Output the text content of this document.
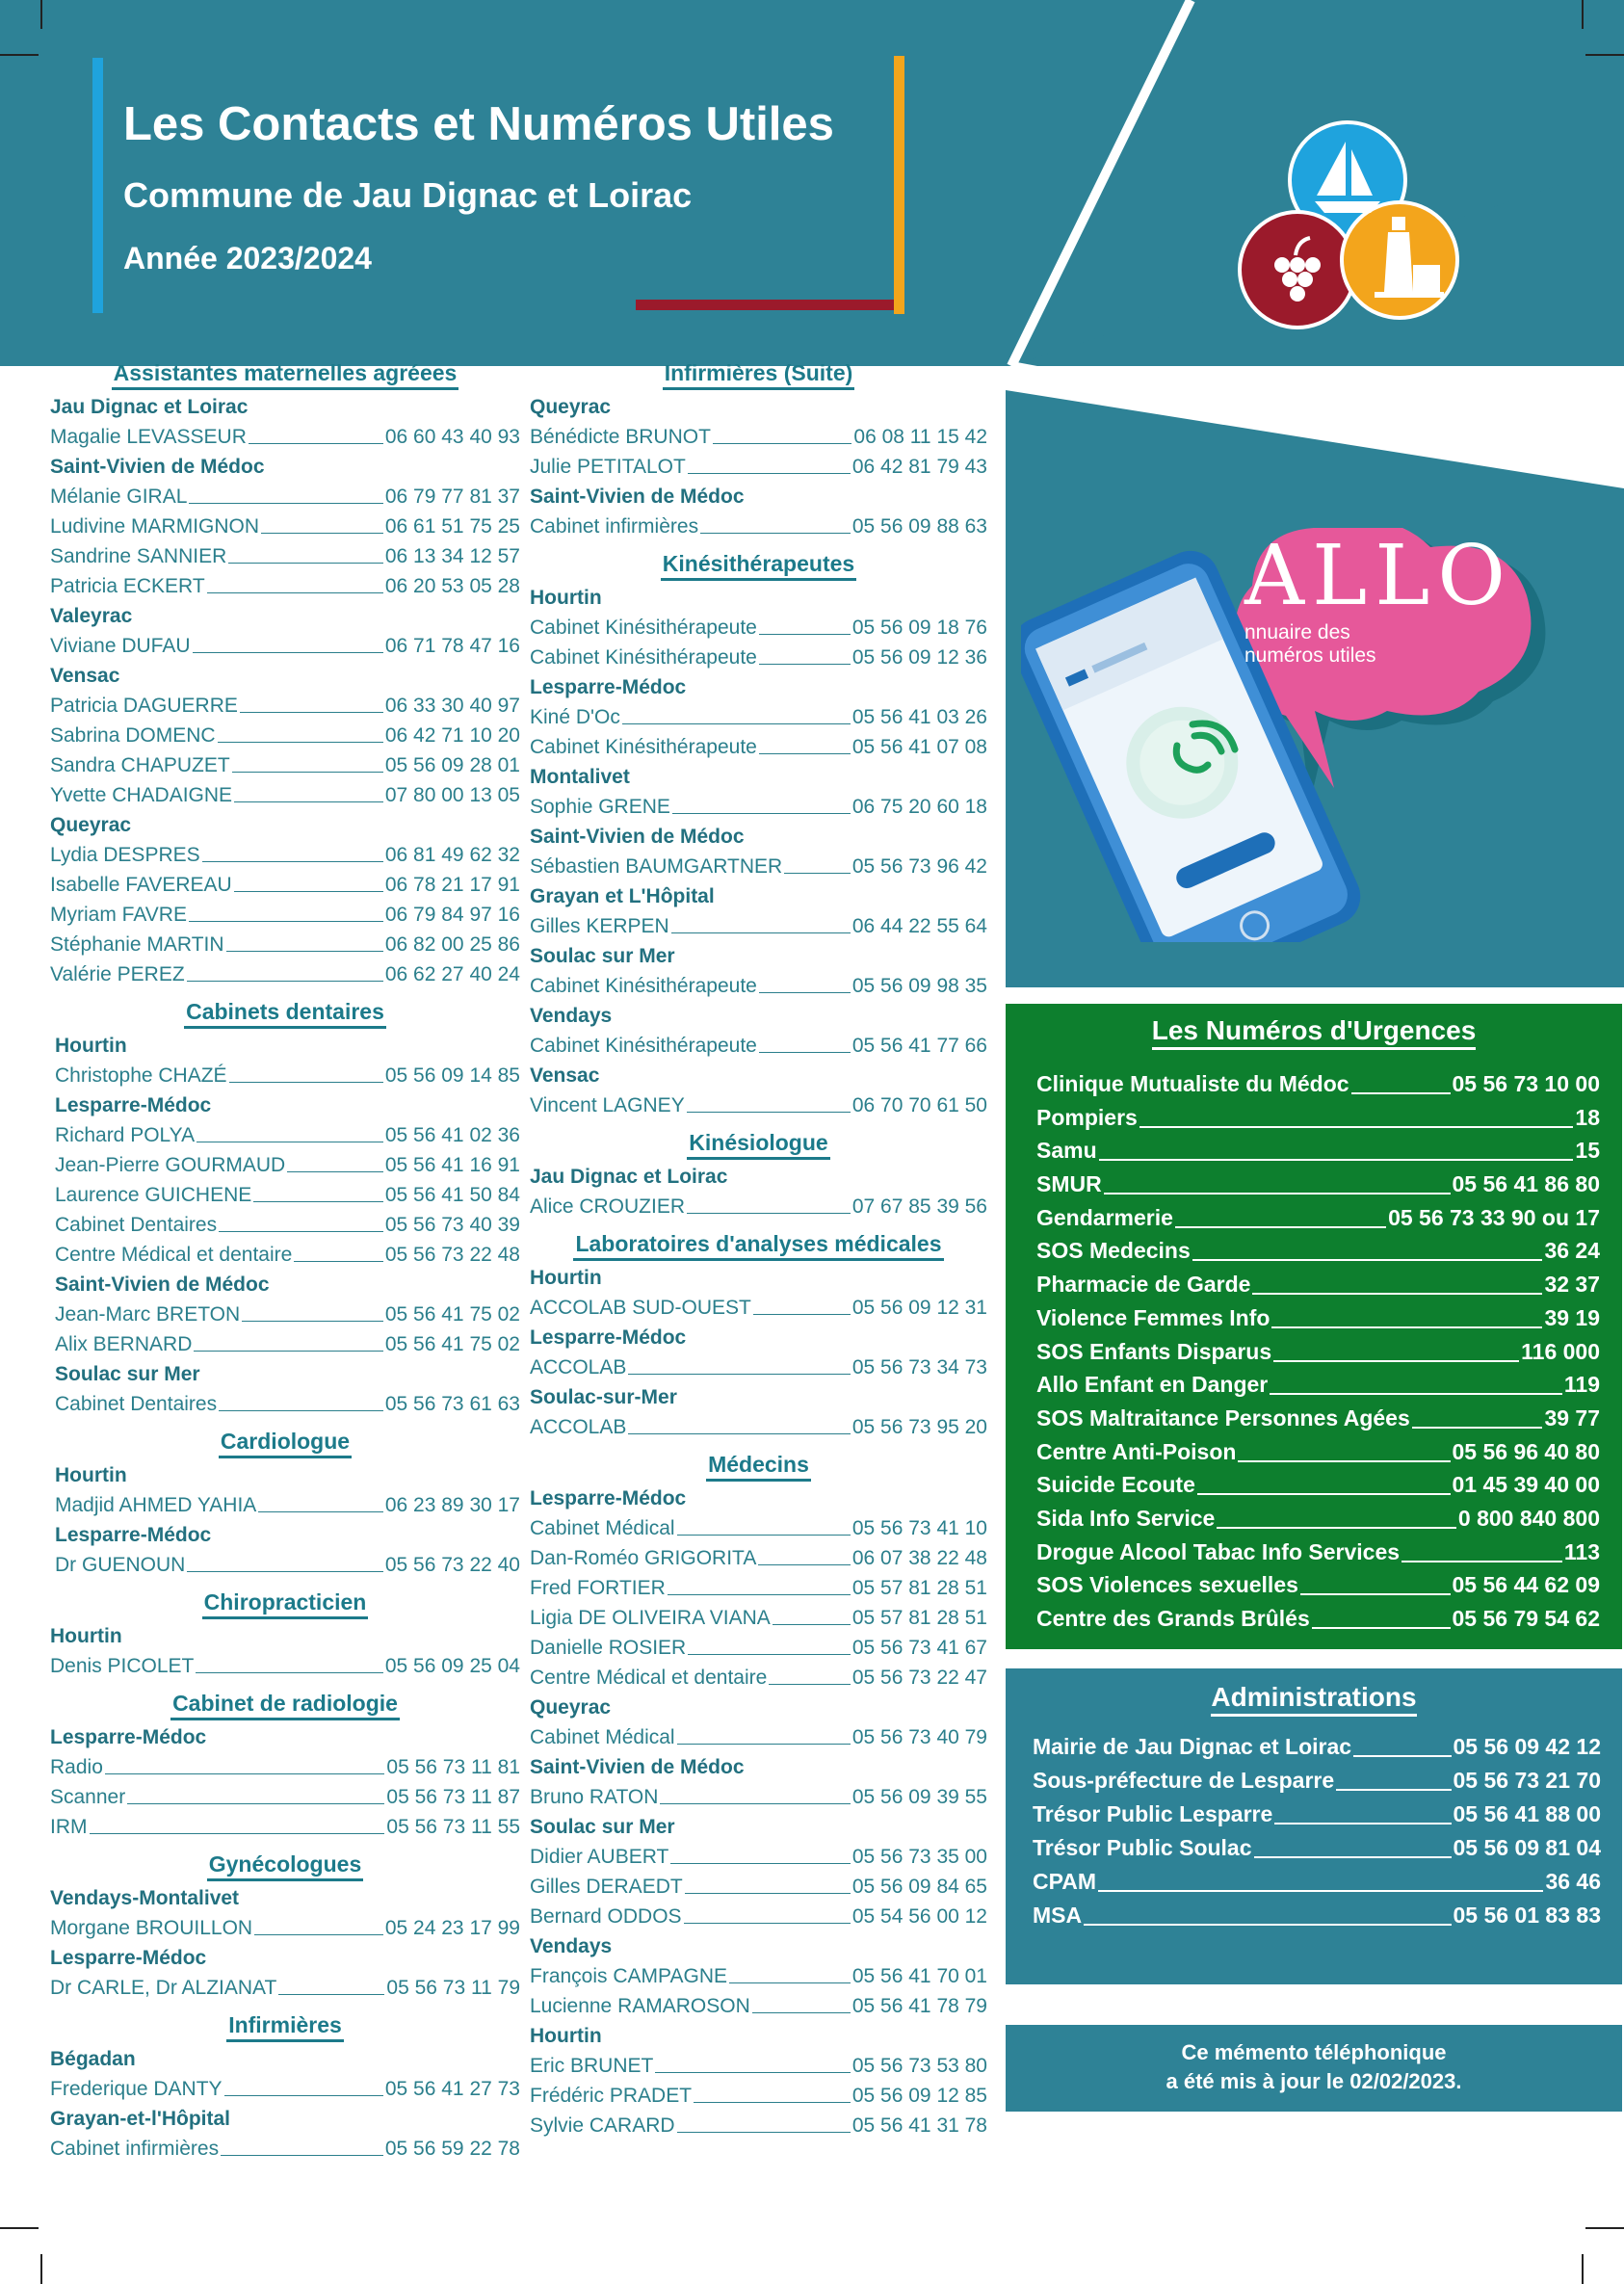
ALLO
nnuaire des
numéros utiles
Les Contacts et Numéros Utiles
Commune de Jau Dignac et Loirac
Année 2023/2024
Assistantes maternelles agréees
Jau Dignac et Loirac
Magalie LEVASSEUR	06 60 43 40 93
Saint-Vivien de Médoc
Mélanie GIRAL	06 79 77 81 37
Ludivine MARMIGNON	06 61 51 75 25
Sandrine SANNIER	06 13 34 12 57
Patricia ECKERT	06 20 53 05 28
Valeyrac
Viviane DUFAU	06 71 78 47 16
Vensac
Patricia DAGUERRE	06 33 30 40 97
Sabrina DOMENC	06 42 71 10 20
Sandra CHAPUZET	05 56 09 28 01
Yvette CHADAIGNE	07 80 00 13 05
Queyrac
Lydia DESPRES	06 81 49 62 32
Isabelle FAVEREAU	06 78 21 17 91
Myriam FAVRE	06 79 84 97 16
Stéphanie MARTIN	06 82 00 25 86
Valérie PEREZ	06 62 27 40 24
Cabinets dentaires
Hourtin
Christophe CHAZÉ	05 56 09 14 85
Lesparre-Médoc
Richard POLYA	05 56 41 02 36
Jean-Pierre GOURMAUD	05 56 41 16 91
Laurence GUICHENE	05 56 41 50 84
Cabinet Dentaires	05 56 73 40 39
Centre Médical et dentaire	05 56 73 22 48
Saint-Vivien de Médoc
Jean-Marc BRETON	05 56 41 75 02
Alix BERNARD	05 56 41 75 02
Soulac sur Mer
Cabinet Dentaires	05 56 73 61 63
Cardiologue
Hourtin
Madjid AHMED YAHIA	06 23 89 30 17
Lesparre-Médoc
Dr GUENOUN	05 56 73 22 40
Chiropracticien
Hourtin
Denis PICOLET	05 56 09 25 04
Cabinet de radiologie
Lesparre-Médoc
Radio	05 56 73 11 81
Scanner	05 56 73 11 87
IRM	05 56 73 11 55
Gynécologues
Vendays-Montalivet
Morgane BROUILLON	05 24 23 17 99
Lesparre-Médoc
Dr CARLE, Dr ALZIANAT	05 56 73 11 79
Infirmières
Bégadan
Frederique DANTY	05 56 41 27 73
Grayan-et-l'Hôpital
Cabinet infirmières	05 56 59 22 78
Infirmières (Suite)
Queyrac
Bénédicte BRUNOT	06 08 11 15 42
Julie PETITALOT	06 42 81 79 43
Saint-Vivien de Médoc
Cabinet infirmières	05 56 09 88 63
Kinésithérapeutes
Hourtin
Cabinet Kinésithérapeute	05 56 09 18 76
Cabinet Kinésithérapeute	05 56 09 12 36
Lesparre-Médoc
Kiné D'Oc	05 56 41 03 26
Cabinet Kinésithérapeute	05 56 41 07 08
Montalivet
Sophie GRENE	06 75 20 60 18
Saint-Vivien de Médoc
Sébastien BAUMGARTNER	05 56 73 96 42
Grayan et L'Hôpital
Gilles KERPEN	06 44 22 55 64
Soulac sur Mer
Cabinet Kinésithérapeute	05 56 09 98 35
Vendays
Cabinet Kinésithérapeute	05 56 41 77 66
Vensac
Vincent LAGNEY	06 70 70 61 50
Kinésiologue
Jau Dignac et Loirac
Alice CROUZIER	07 67 85 39 56
Laboratoires d'analyses médicales
Hourtin
ACCOLAB SUD-OUEST	05 56 09 12 31
Lesparre-Médoc
ACCOLAB	05 56 73 34 73
Soulac-sur-Mer
ACCOLAB	05 56 73 95 20
Médecins
Lesparre-Médoc
Cabinet Médical	05 56 73 41 10
Dan-Roméo GRIGORITA	06 07 38 22 48
Fred FORTIER	05 57 81 28 51
Ligia DE OLIVEIRA VIANA	05 57 81 28 51
Danielle ROSIER	05 56 73 41 67
Centre Médical et dentaire	05 56 73 22 47
Queyrac
Cabinet Médical	05 56 73 40 79
Saint-Vivien de Médoc
Bruno RATON	05 56 09 39 55
Soulac sur Mer
Didier AUBERT	05 56 73 35 00
Gilles DERAEDT	05 56 09 84 65
Bernard ODDOS	05 54 56 00 12
Vendays
François CAMPAGNE	05 56 41 70 01
Lucienne RAMAROSON	05 56 41 78 79
Hourtin
Eric BRUNET	05 56 73 53 80
Frédéric PRADET	05 56 09 12 85
Sylvie CARARD	05 56 41 31 78
Les Numéros d'Urgences
Clinique Mutualiste du Médoc	05 56 73 10 00
Pompiers	18
Samu	15
SMUR	05 56 41 86 80
Gendarmerie	05 56 73 33 90 ou 17
SOS Medecins	36 24
Pharmacie de Garde	32 37
Violence Femmes Info	39 19
SOS Enfants Disparus	116 000
Allo Enfant en Danger	119
SOS Maltraitance Personnes Agées	39 77
Centre Anti-Poison	05 56 96 40 80
Suicide Ecoute	01 45 39 40 00
Sida Info Service	0 800 840 800
Drogue Alcool Tabac Info Services	113
SOS Violences sexuelles	05 56 44 62 09
Centre des Grands Brûlés	05 56 79 54 62
Administrations
Mairie de Jau Dignac et Loirac	05 56 09 42 12
Sous-préfecture de Lesparre	05 56 73 21 70
Trésor Public Lesparre	05 56 41 88 00
Trésor Public Soulac	05 56 09 81 04
CPAM	36 46
MSA	05 56 01 83 83
Ce mémento téléphonique
a été mis à jour le 02/02/2023.
